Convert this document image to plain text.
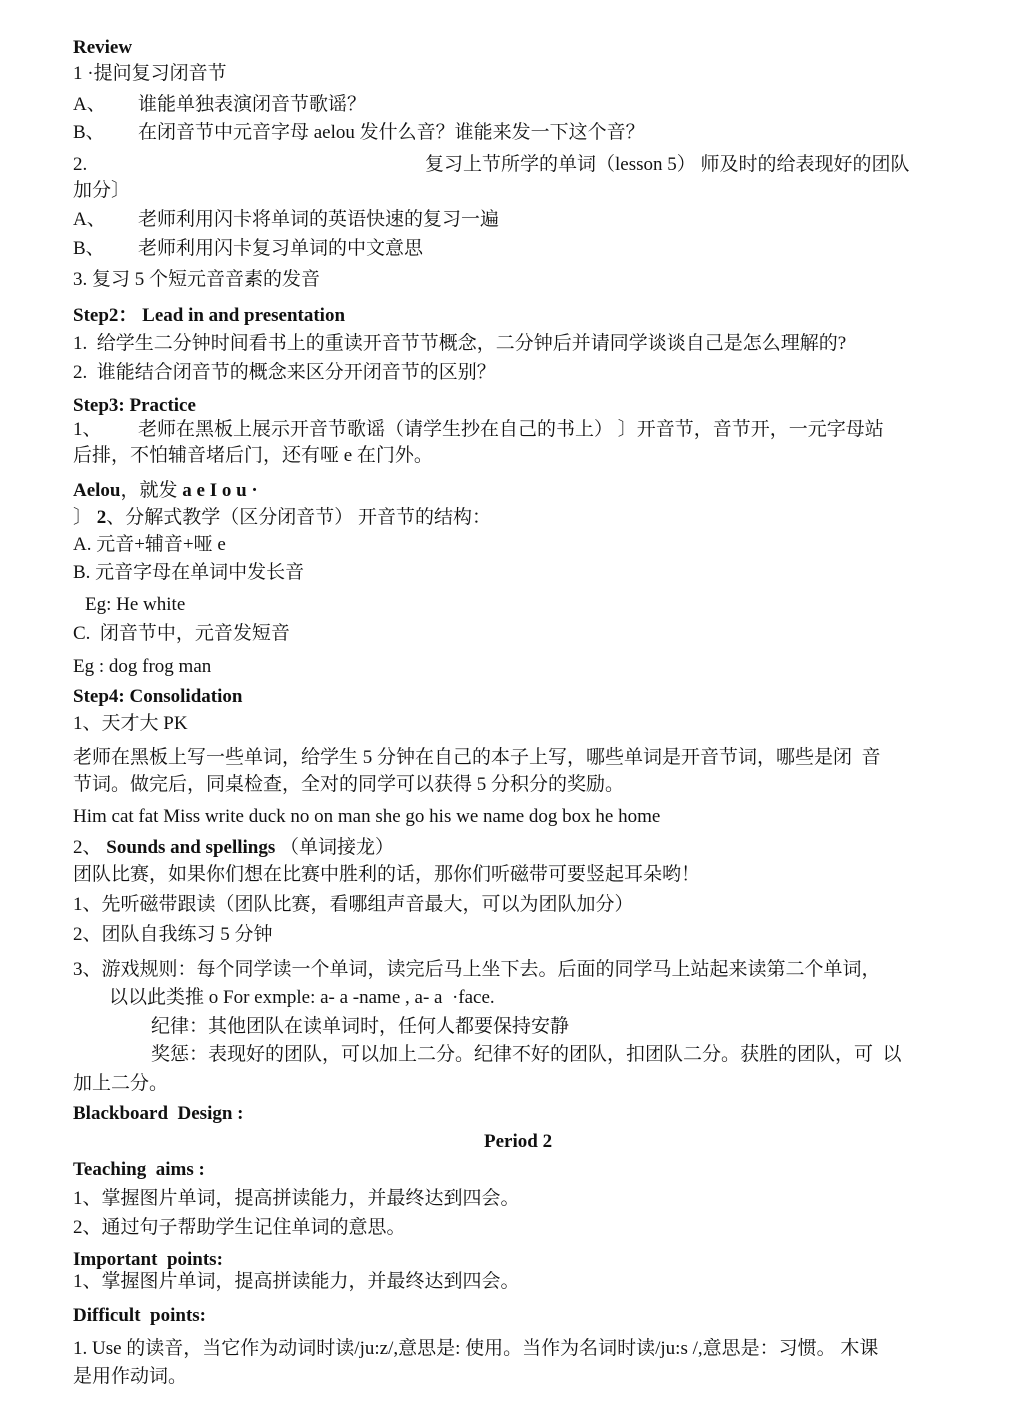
Review
1 ·提问复习闭音节
A、 谁能单独表演闭音节歌谣？
B、 在闭音节中元音字母 aelou 发什么音？谁能来发一下这个音？
2.	复习上节所学的单词（lesson 5） 师及时的给表现好的团队
加分〕
A、 老师利用闪卡将单词的英语快速的复习一遍
B、 老师利用闪卡复习单词的中文意思
3. 复习 5 个短元音音素的发音
Step2： Lead in and presentation
1.  给学生二分钟时间看书上的重读开音节节概念，二分钟后并请同学谈谈自己是怎么理解的?
2.  谁能结合闭音节的概念来区分开闭音节的区别？
Step3: Practice
1、 老师在黑板上展示开音节歌谣（请学生抄在自己的书上） 〕开音节，音节开，一元字母站
后排，不怕辅音堵后门，还有哑 e 在门外。
Aelou，就发 a e I o u ·
〕 2、分解式教学（区分闭音节） 开音节的结构：
A. 元音+辅音+哑 e
B. 元音字母在单词中发长音
Eg: He white
C.  闭音节中，元音发短音
Eg : dog frog man
Step4: Consolidation
1、天才大 PK
老师在黑板上写一些单词，给学生 5 分钟在自己的本子上写，哪些单词是开音节词，哪些是闭  音
节词。做完后，同桌检查，全对的同学可以获得 5 分积分的奖励。
Him cat fat Miss write duck no on man she go his we name dog box he home
2、 Sounds and spellings （单词接龙）
团队比赛，如果你们想在比赛中胜利的话，那你们听磁带可要竖起耳朵哟！
1、先听磁带跟读（团队比赛，看哪组声音最大，可以为团队加分）
2、团队自我练习 5 分钟
3、游戏规则：每个同学读一个单词，读完后马上坐下去。后面的同学马上站起来读第二个单词，
以以此类推 o For exmple: a- a -name , a- a  ·face.
纪律：其他团队在读单词时，任何人都要保持安静
奖惩：表现好的团队，可以加上二分。纪律不好的团队，扣团队二分。获胜的团队，可  以
加上二分。
Blackboard  Design :
Period 2
Teaching  aims :
1、掌握图片单词，提高拼读能力，并最终达到四会。
2、通过句子帮助学生记住单词的意思。
Important  points:
1、掌握图片单词，提高拼读能力，并最终达到四会。
Difficult  points:
1. Use 的读音，当它作为动词时读/ju:z/,意思是: 使用。当作为名词时读/ju:s /,意思是：习惯。 木课
是用作动词。
